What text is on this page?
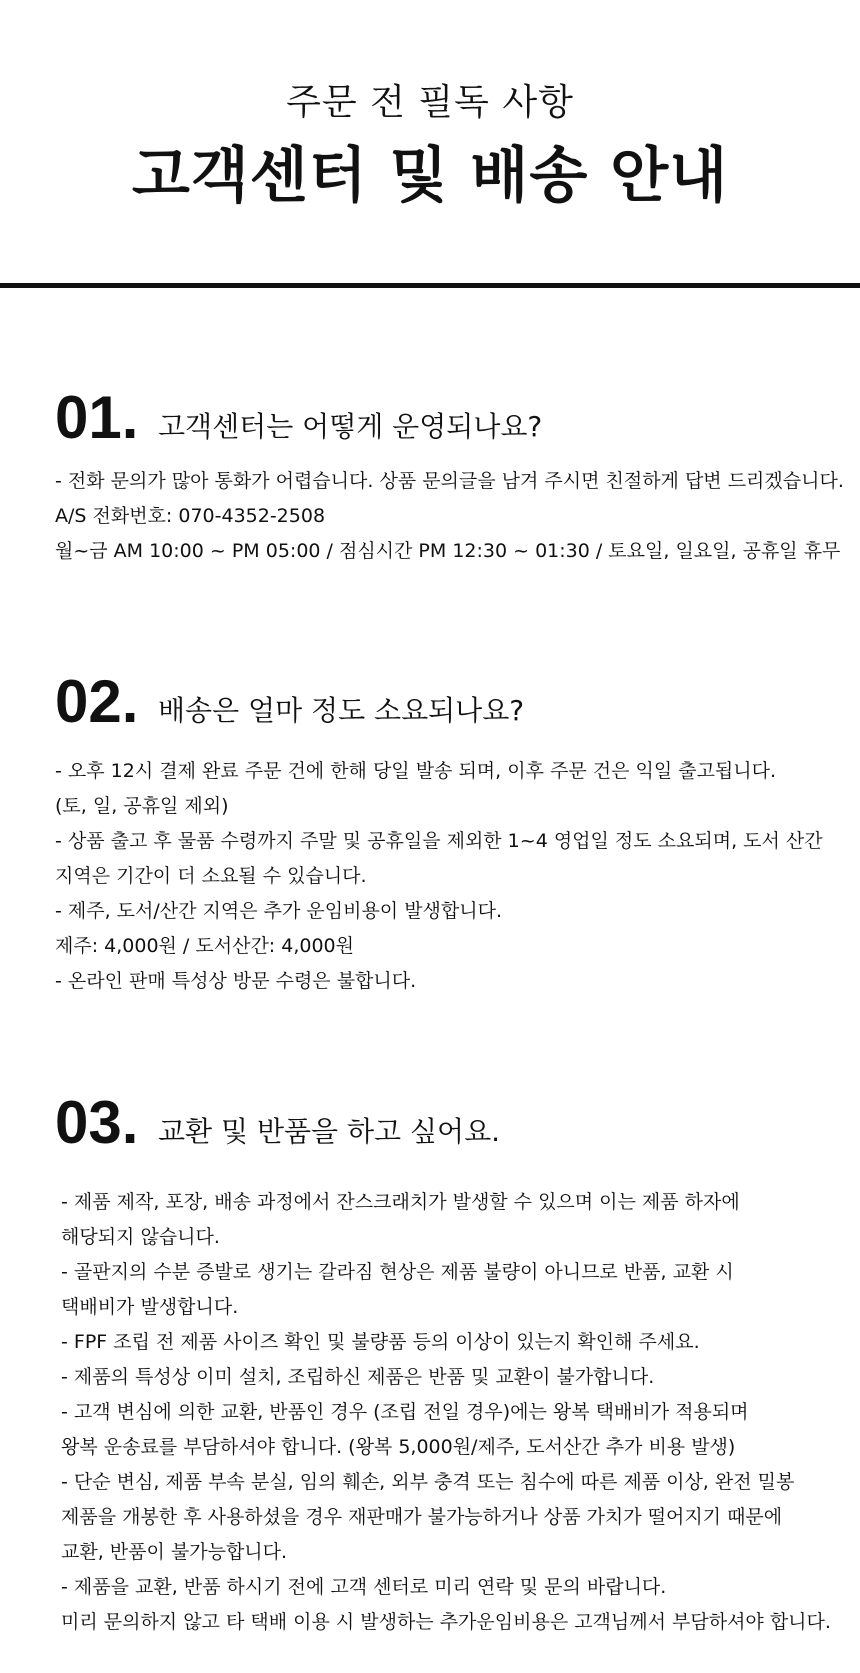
주문 전 필독 사항
고객센터 및 배송 안내
01. 고객센터는 어떻게 운영되나요?
- 전화 문의가 많아 통화가 어렵습니다. 상품 문의글을 남겨 주시면 친절하게 답변 드리겠습니다.
A/S 전화번호: 070-4352-2508
월~금 AM 10:00 ~ PM 05:00 / 점심시간 PM 12:30 ~ 01:30 / 토요일, 일요일, 공휴일 휴무
02. 배송은 얼마 정도 소요되나요?
- 오후 12시 결제 완료 주문 건에 한해 당일 발송 되며, 이후 주문 건은 익일 출고됩니다.
(토, 일, 공휴일 제외)
- 상품 출고 후 물품 수령까지 주말 및 공휴일을 제외한 1~4 영업일 정도 소요되며, 도서 산간
지역은 기간이 더 소요될 수 있습니다.
- 제주, 도서/산간 지역은 추가 운임비용이 발생합니다.
제주: 4,000원 / 도서산간: 4,000원
- 온라인 판매 특성상 방문 수령은 불합니다.
03. 교환 및 반품을 하고 싶어요.
- 제품 제작, 포장, 배송 과정에서 잔스크래치가 발생할 수 있으며 이는 제품 하자에
해당되지 않습니다.
- 골판지의 수분 증발로 생기는 갈라짐 현상은 제품 불량이 아니므로 반품, 교환 시
택배비가 발생합니다.
- FPF 조립 전 제품 사이즈 확인 및 불량품 등의 이상이 있는지 확인해 주세요.
- 제품의 특성상 이미 설치, 조립하신 제품은 반품 및 교환이 불가합니다.
- 고객 변심에 의한 교환, 반품인 경우 (조립 전일 경우)에는 왕복 택배비가 적용되며
왕복 운송료를 부담하셔야 합니다. (왕복 5,000원/제주, 도서산간 추가 비용 발생)
- 단순 변심, 제품 부속 분실, 임의 훼손, 외부 충격 또는 침수에 따른 제품 이상, 완전 밀봉
제품을 개봉한 후 사용하셨을 경우 재판매가 불가능하거나 상품 가치가 떨어지기 때문에
교환, 반품이 불가능합니다.
- 제품을 교환, 반품 하시기 전에 고객 센터로 미리 연락 및 문의 바랍니다.
미리 문의하지 않고 타 택배 이용 시 발생하는 추가운임비용은 고객님께서 부담하셔야 합니다.
